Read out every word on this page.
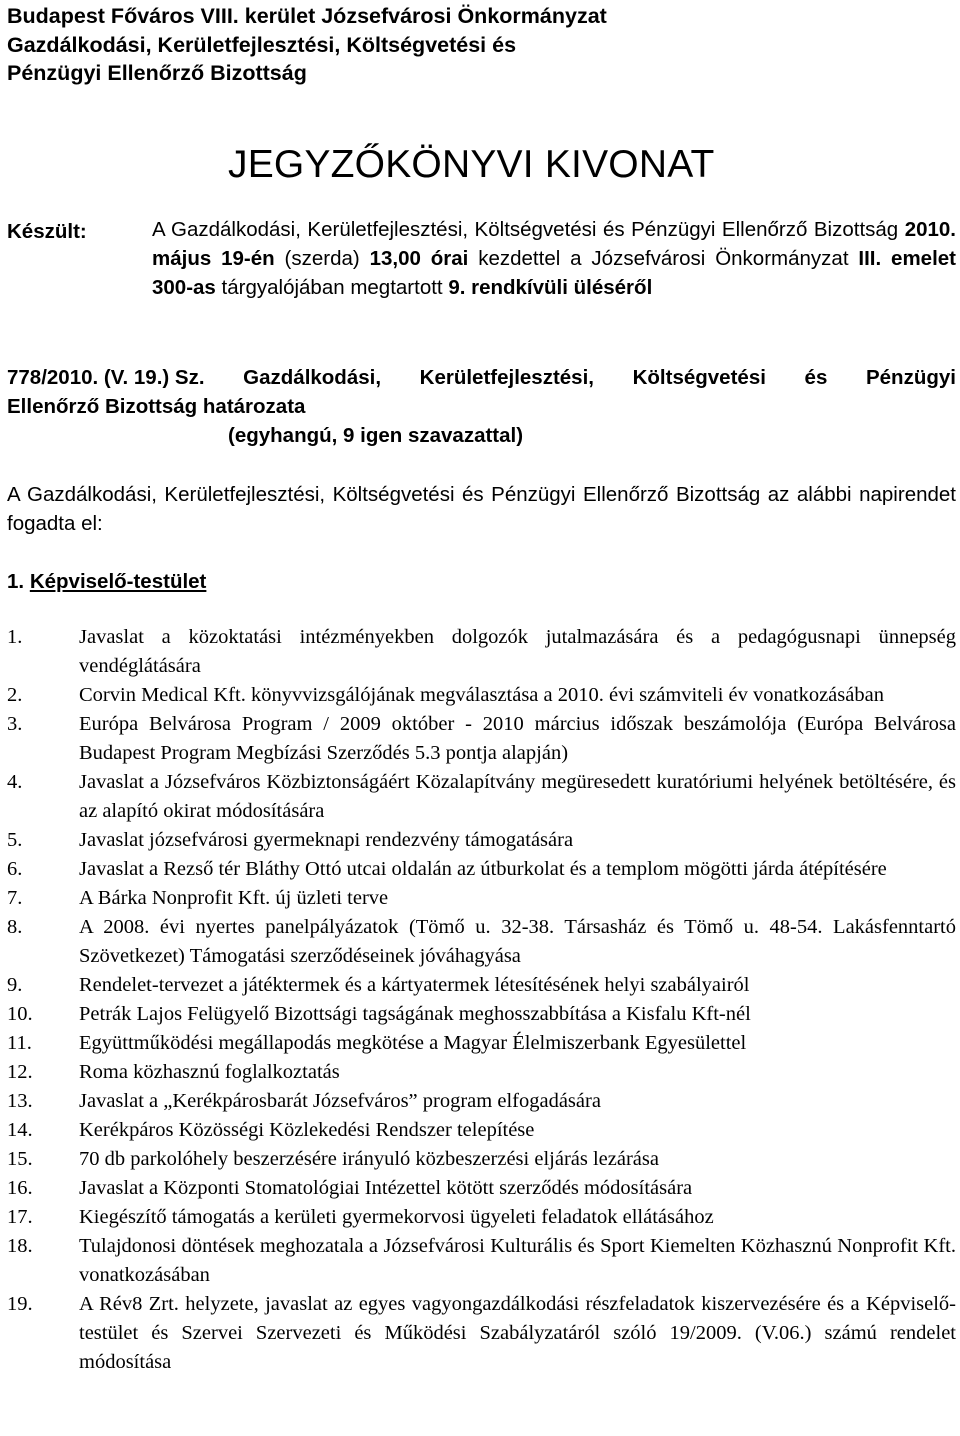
Budapest Főváros VIII. kerület Józsefvárosi Önkormányzat
Gazdálkodási, Kerületfejlesztési, Költségvetési és
Pénzügyi Ellenőrző Bizottság
JEGYZŐKÖNYVI KIVONAT
Készült:	A Gazdálkodási, Kerületfejlesztési, Költségvetési és Pénzügyi Ellenőrző Bizottság 2010. május 19-én (szerda) 13,00 órai kezdettel a Józsefvárosi Önkormányzat III. emelet 300-as tárgyalójában megtartott 9. rendkívüli üléséről
778/2010. (V. 19.) Sz. Gazdálkodási, Kerületfejlesztési, Költségvetési és Pénzügyi
Ellenőrző Bizottság határozata
(egyhangú, 9 igen szavazattal)
A Gazdálkodási, Kerületfejlesztési, Költségvetési és Pénzügyi Ellenőrző Bizottság az alábbi napirendet fogadta el:
1. Képviselő-testület
1.	Javaslat a közoktatási intézményekben dolgozók jutalmazására és a pedagógusnapi ünnepség vendéglátására
2.	Corvin Medical Kft. könyvvizsgálójának megválasztása a 2010. évi számviteli év vonatkozásában
3.	Európa Belvárosa Program / 2009 október - 2010 március időszak beszámolója (Európa Belvárosa Budapest Program Megbízási Szerződés 5.3 pontja alapján)
4.	Javaslat a Józsefváros Közbiztonságáért Közalapítvány megüresedett kuratóriumi helyének betöltésére, és az alapító okirat módosítására
5.	Javaslat józsefvárosi gyermeknapi rendezvény támogatására
6.	Javaslat a Rezső tér Bláthy Ottó utcai oldalán az útburkolat és a templom mögötti járda átépítésére
7.	A Bárka Nonprofit Kft. új üzleti terve
8.	A 2008. évi nyertes panelpályázatok (Tömő u. 32-38. Társasház és Tömő u. 48-54. Lakásfenntartó Szövetkezet) Támogatási szerződéseinek jóváhagyása
9.	Rendelet-tervezet a játéktermek és a kártyatermek létesítésének helyi szabályairól
10. Petrák Lajos Felügyelő Bizottsági tagságának meghosszabbítása a Kisfalu Kft-nél
11. Együttműködési megállapodás megkötése a Magyar Élelmiszerbank Egyesülettel
12. Roma közhasznú foglalkoztatás
13. Javaslat a „Kerékpárosbarát Józsefváros” program elfogadására
14. Kerékpáros Közösségi Közlekedési Rendszer telepítése
15. 70 db parkolóhely beszerzésére irányuló közbeszerzési eljárás lezárása
16. Javaslat a Központi Stomatológiai Intézettel kötött szerződés módosítására
17. Kiegészítő támogatás a kerületi gyermekorvosi ügyeleti feladatok ellátásához
18. Tulajdonosi döntések meghozatala a Józsefvárosi Kulturális és Sport Kiemelten Közhasznú Nonprofit Kft. vonatkozásában
19. A Rév8 Zrt. helyzete, javaslat az egyes vagyongazdálkodási részfeladatok kiszervezésére és a Képviselő-testület és Szervei Szervezeti és Működési Szabályzatáról szóló 19/2009. (V.06.) számú rendelet módosítása
